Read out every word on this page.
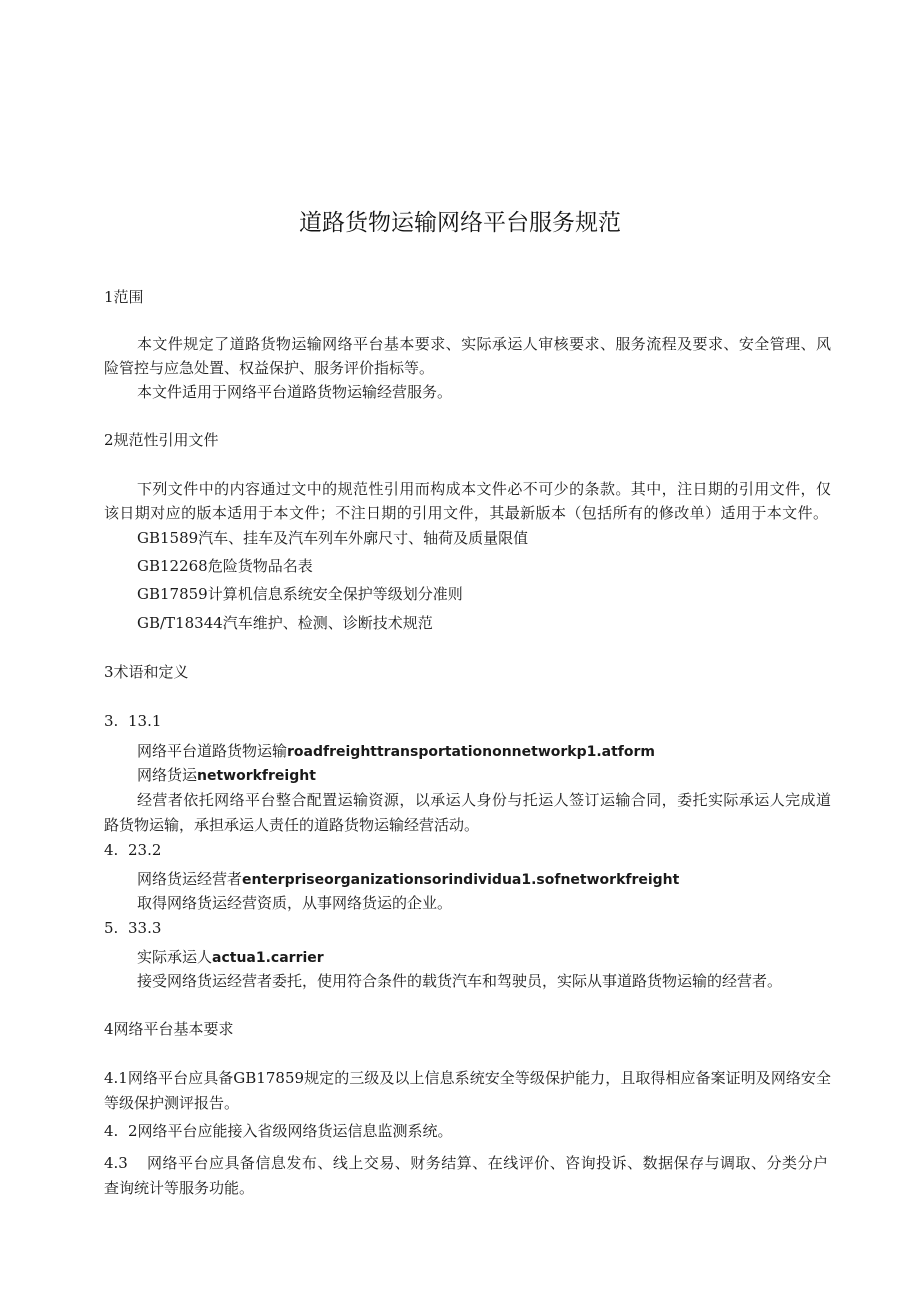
道路货物运输网络平台服务规范
1范围
本文件规定了道路货物运输网络平台基本要求、实际承运人审核要求、服务流程及要求、安全管理、风
险管控与应急处置、权益保护、服务评价指标等。
本文件适用于网络平台道路货物运输经营服务。
2规范性引用文件
下列文件中的内容通过文中的规范性引用而构成本文件必不可少的条款。其中，注日期的引用文件，仅
该日期对应的版本适用于本文件；不注日期的引用文件，其最新版本（包括所有的修改单）适用于本文件。
GB1589汽车、挂车及汽车列车外廓尺寸、轴荷及质量限值
GB12268危险货物品名表
GB17859计算机信息系统安全保护等级划分准则
GB/T18344汽车维护、检测、诊断技术规范
3术语和定义
3. 13.1
网络平台道路货物运输roadfreighttransportationonnetworkp1.atform
网络货运networkfreight
经营者依托网络平台整合配置运输资源，以承运人身份与托运人签订运输合同，委托实际承运人完成道
路货物运输，承担承运人责任的道路货物运输经营活动。
4. 23.2
网络货运经营者enterpriseorganizationsorindividua1.sofnetworkfreight
取得网络货运经营资质，从事网络货运的企业。
5. 33.3
实际承运人actua1.carrier
接受网络货运经营者委托，使用符合条件的载货汽车和驾驶员，实际从事道路货物运输的经营者。
4网络平台基本要求
4.1网络平台应具备GB17859规定的三级及以上信息系统安全等级保护能力，且取得相应备案证明及网络安全
等级保护测评报告。
4. 2网络平台应能接入省级网络货运信息监测系统。
4.3 网络平台应具备信息发布、线上交易、财务结算、在线评价、咨询投诉、数据保存与调取、分类分户
查询统计等服务功能。
